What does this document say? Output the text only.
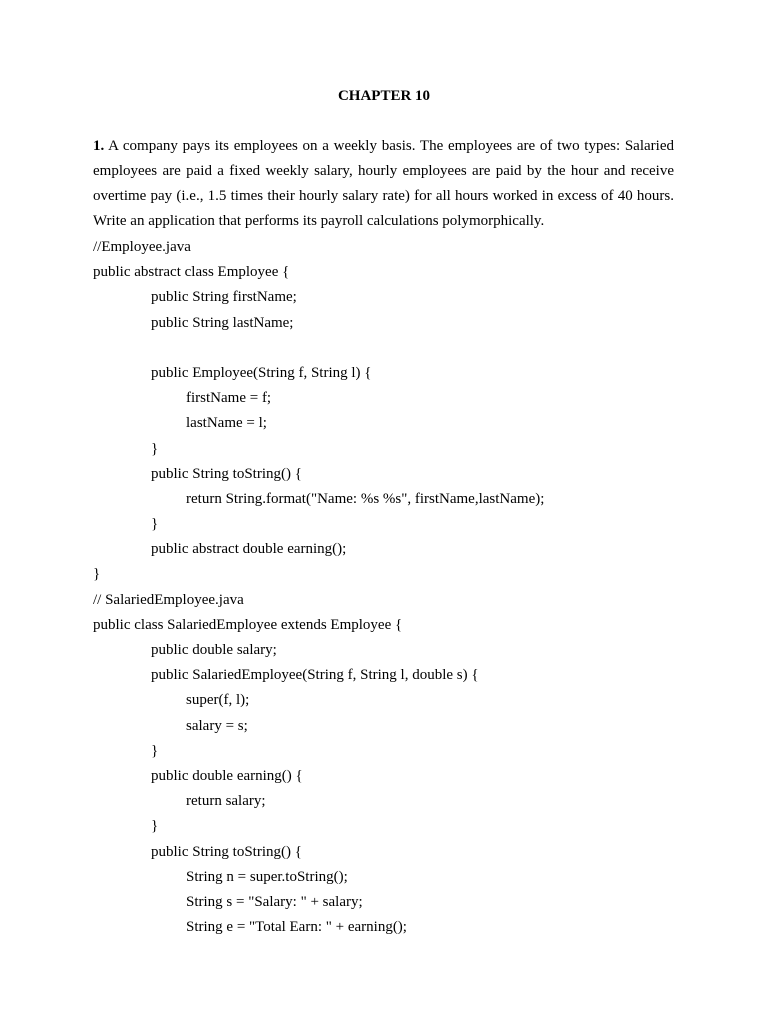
CHAPTER 10
1. A company pays its employees on a weekly basis. The employees are of two types: Salaried employees are paid a fixed weekly salary, hourly employees are paid by the hour and receive overtime pay (i.e., 1.5 times their hourly salary rate) for all hours worked in excess of 40 hours. Write an application that performs its payroll calculations polymorphically.
//Employee.java
public abstract class Employee {
public String firstName;
public String lastName;
public Employee(String f, String l) {
firstName = f;
lastName = l;
}
public String toString() {
return String.format("Name: %s %s", firstName,lastName);
}
public abstract double earning();
}
// SalariedEmployee.java
public class SalariedEmployee extends Employee {
public double salary;
public SalariedEmployee(String f, String l, double s) {
super(f, l);
salary = s;
}
public double earning() {
return salary;
}
public String toString() {
String n = super.toString();
String s = "Salary: " + salary;
String e = "Total Earn: " + earning();
